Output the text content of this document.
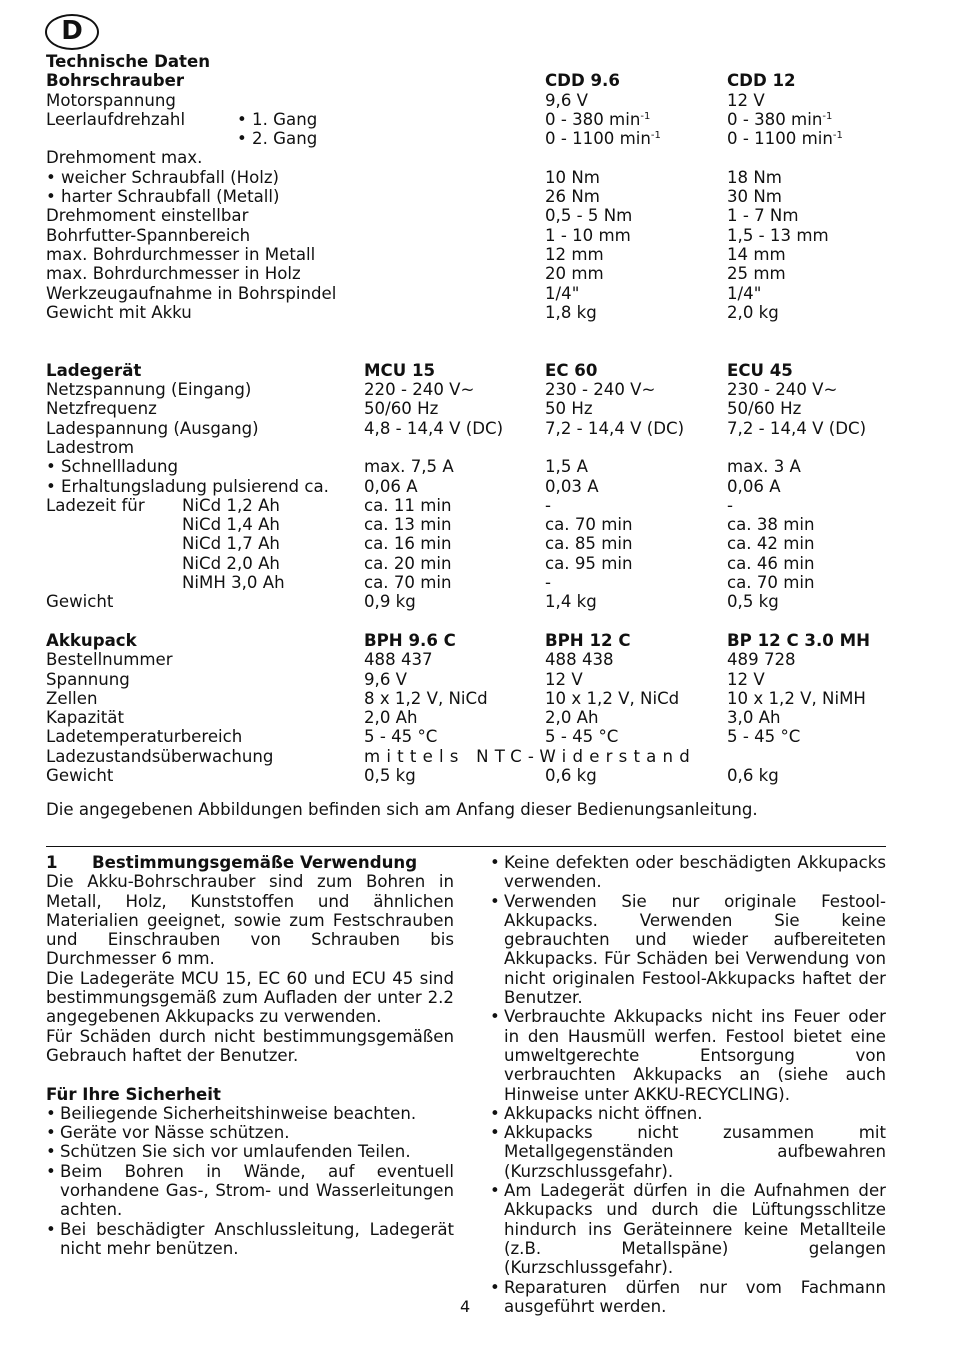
D
Technische Daten
Bohrschrauber	CDD 9.6	CDD 12
Motorspannung	9,6 V	12 V
Leerlaufdrehzahl	• 1. Gang	0 - 380 $\min^{-1}$	0 - 380 $\min^{-1}$
• 2. Gang	0 - 1100 $\min^{-1}$	0 - 1100 $\min^{-1}$
Drehmoment max.
• weicher Schraubfall (Holz)	10 Nm	18 Nm
• harter Schraubfall (Metall)	26 Nm	30 Nm
Drehmoment einstellbar	0,5 - 5 Nm	1 - 7 Nm
Bohrfutter-Spannbereich	1 - 10 mm	1,5 - 13 mm
max. Bohrdurchmesser in Metall	12 mm	14 mm
max. Bohrdurchmesser in Holz	20 mm	25 mm
Werkzeugaufnahme in Bohrspindel	1/4"	1/4"
Gewicht mit Akku	1,8 kg	2,0 kg
Ladegerät	MCU 15	EC 60	ECU 45
Netzspannung (Eingang)	220 - 240 V~	230 - 240 V~	230 - 240 V~
Netzfrequenz	50/60 Hz	50 Hz	50/60 Hz
Ladespannung (Ausgang)	4,8 - 14,4 V (DC)	7,2 - 14,4 V (DC)	7,2 - 14,4 V (DC)
Ladestrom
• Schnellladung	max. 7,5 A	1,5 A	max. 3 A
• Erhaltungsladung pulsierend ca. 0,06 A	0,03 A	0,06 A
Ladezeit für NiCd 1,2 Ah	ca. 11 min	-	-
NiCd 1,4 Ah	ca. 13 min	ca. 70 min	ca. 38 min
NiCd 1,7 Ah	ca. 16 min	ca. 85 min	ca. 42 min
NiCd 2,0 Ah	ca. 20 min	ca. 95 min	ca. 46 min
NiMH 3,0 Ah	ca. 70 min	-	ca. 70 min
Gewicht	0,9 kg	1,4 kg	0,5 kg
Akkupack	BPH 9.6 C	BPH 12 C	BP 12 C 3.0 MH
Bestellnummer	488 437	488 438	489 728
Spannung	9,6 V	12 V	12 V
Zellen	8 x 1,2 V, NiCd	10 x 1,2 V, NiCd	10 x 1,2 V, NiMH
Kapazität	2,0 Ah	2,0 Ah	3,0 Ah
Ladetemperaturbereich	5 - 45 °C	5 - 45 °C	5 - 45 °C
Ladezustandsüberwachung	mittels NTC-Widerstand
Gewicht	0,5 kg	0,6 kg	0,6 kg
Die angegebenen Abbildungen befinden sich am Anfang dieser Bedienungsanleitung.

1 Bestimmungsgemäße Verwendung

Die Akku-Bohrschrauber sind zum Bohren in Metall, Holz, Kunststoffen und ähnlichen Materialien geeignet, sowie zum Festschrauben und Einschrauben von Schrauben bis Durchmesser 6 mm.

Die Ladegeräte MCU 15, EC 60 und ECU 45 sind bestimmungsgemäß zum Aufladen der unter 2.2 angegebenen Akkupacks zu verwenden.

Für Schäden durch nicht bestimmungsgemäßen Gebrauch haftet der Benutzer.

Für Ihre Sicherheit

• Beiliegende Sicherheitshinweise beachten.

• Geräte vor Nässe schützen.

• Schützen Sie sich vor umlaufenden Teilen.

• Beim Bohren in Wände, auf eventuell vorhandene Gas-, Strom- und Wasserleitungen achten.

• Bei beschädigter Anschlussleitung, Ladegerät nicht mehr benützen.

• Keine defekten oder beschädigten Akkupacks verwenden.

• Verwenden Sie nur originale Festool-Akkupacks. Verwenden Sie keine gebrauchten und wieder aufbereiteten Akkupacks. Für Schäden bei Verwendung von nicht originalen Festool-Akkupacks haftet der Benutzer.

• Verbrauchte Akkupacks nicht ins Feuer oder in den Hausmüll werfen. Festool bietet eine umweltgerechte Entsorgung von verbrauchten Akkupacks an (siehe auch Hinweise unter AKKU-RECYCLING).

• Akkupacks nicht öffnen.

• Akkupacks nicht zusammen mit Metallgegenständen aufbewahren (Kurzschlussgefahr).

• Am Ladegerät dürfen in die Aufnahmen der Akkupacks und durch die Lüftungsschlitze hindurch ins Geräteinnere keine Metallteile (z.B. Metallspäne) gelangen (Kurzschlussgefahr).

• Reparaturen dürfen nur vom Fachmann ausgeführt werden.

4
